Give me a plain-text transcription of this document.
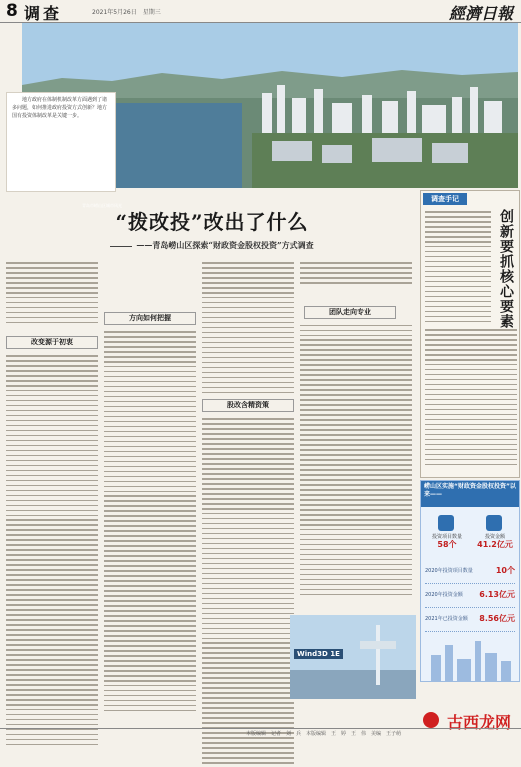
8 调查	2021年5月26日　星期三	經濟日報
青岛市崂山区城市风光
地方政府在体制机制改革方面遇到了诸多问题，如何推进政府投资方式创新？地方国有投资体制改革是关键一步。
“拨改投”改出了什么
——青岛崂山区探索“财政资金股权投资”方式调查
改变源于初衷
方向如何把握
股改含精资策
团队走向专业
Wind3D 1E
调查手记
创新要抓核心要素
崂山区实施“财政资金股权投资”以来——
投资项目数量
58个
投资金额
41.2亿元
2020年投资项目数量	10个
2020年投资金额 6.13亿元
2021年已投资金额 8.56亿元
古西龙网
本版编辑　记者　刘　兵　本版编辑　王　婷　王　伟　美编　王子萌
